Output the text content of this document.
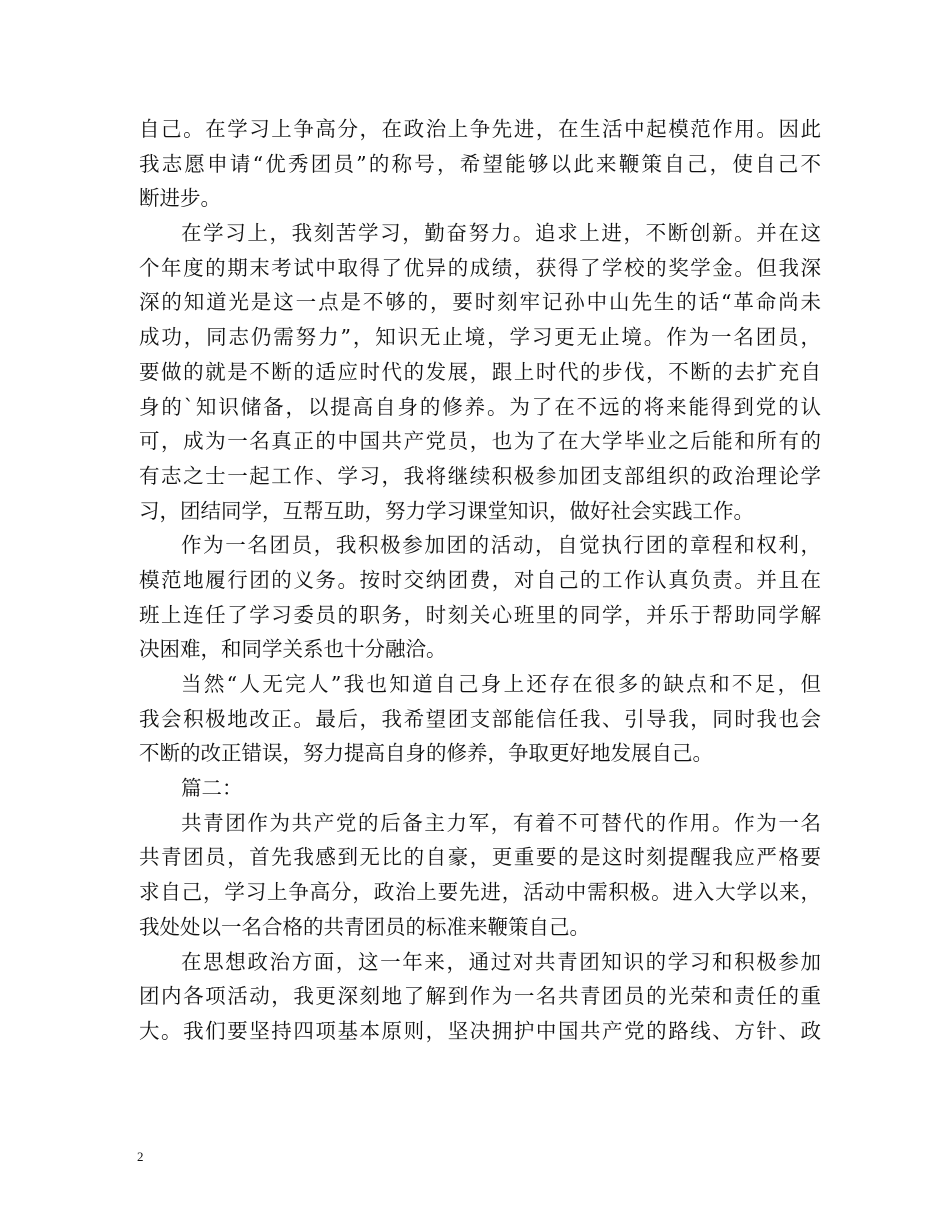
自己。在学习上争高分，在政治上争先进，在生活中起模范作用。因此
我志愿申请“优秀团员”的称号，希望能够以此来鞭策自己，使自己不
断进步。
在学习上，我刻苦学习，勤奋努力。追求上进，不断创新。并在这
个年度的期末考试中取得了优异的成绩，获得了学校的奖学金。但我深
深的知道光是这一点是不够的，要时刻牢记孙中山先生的话“革命尚未
成功，同志仍需努力”，知识无止境，学习更无止境。作为一名团员，
要做的就是不断的适应时代的发展，跟上时代的步伐，不断的去扩充自
身的`知识储备，以提高自身的修养。为了在不远的将来能得到党的认
可，成为一名真正的中国共产党员，也为了在大学毕业之后能和所有的
有志之士一起工作、学习，我将继续积极参加团支部组织的政治理论学
习，团结同学，互帮互助，努力学习课堂知识，做好社会实践工作。
作为一名团员，我积极参加团的活动，自觉执行团的章程和权利，
模范地履行团的义务。按时交纳团费，对自己的工作认真负责。并且在
班上连任了学习委员的职务，时刻关心班里的同学，并乐于帮助同学解
决困难，和同学关系也十分融洽。
当然“人无完人”我也知道自己身上还存在很多的缺点和不足，但
我会积极地改正。最后，我希望团支部能信任我、引导我，同时我也会
不断的改正错误，努力提高自身的修养，争取更好地发展自己。
篇二：
共青团作为共产党的后备主力军，有着不可替代的作用。作为一名
共青团员，首先我感到无比的自豪，更重要的是这时刻提醒我应严格要
求自己，学习上争高分，政治上要先进，活动中需积极。进入大学以来，
我处处以一名合格的共青团员的标准来鞭策自己。
在思想政治方面，这一年来，通过对共青团知识的学习和积极参加
团内各项活动，我更深刻地了解到作为一名共青团员的光荣和责任的重
大。我们要坚持四项基本原则，坚决拥护中国共产党的路线、方针、政
2
